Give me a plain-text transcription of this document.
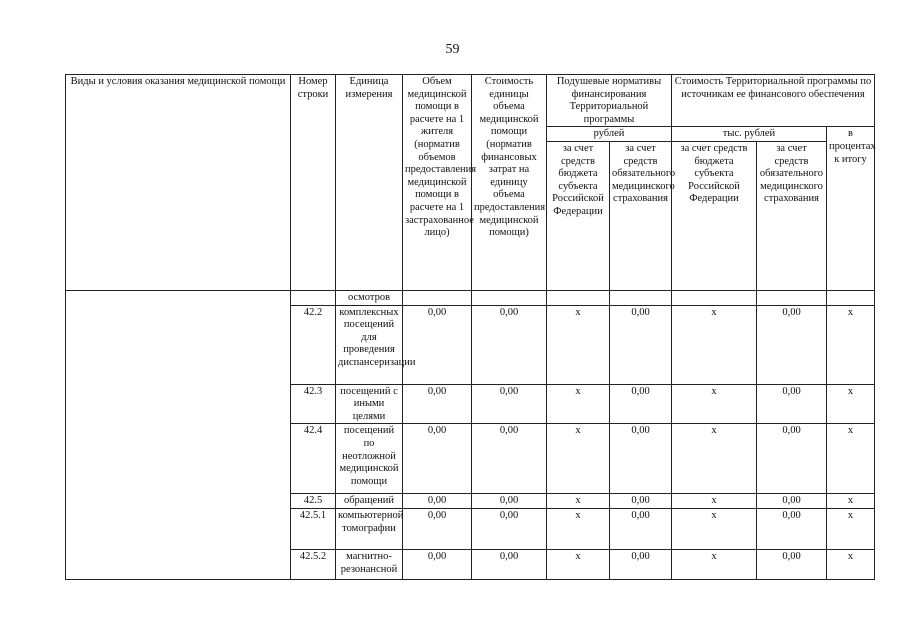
59
Виды и условия оказания медицинской помощи	Номер строки	Единица измерения	Объем медицинской помощи в расчете на 1 жителя (норматив объемов предоставления медицинской помощи в расчете на 1 застрахованное лицо)	Стоимость единицы объема медицинской помощи (норматив финансовых затрат на единицу объема предоставления медицинской помощи)	Подушевые нормативы финансирования Территориальной программы		Стоимость Территориальной программы по источникам ее финансового обеспечения		
					рублей		тыс. рублей		в процентах к итогу
					за счет средств бюджета субъекта Российской Федерации	за счет средств обязательного медицинского страхования	за счет средств бюджета субъекта Российской Федерации	за счет средств обязательного медицинского страхования	
		осмотров							
	42.2	комплексных посещений для проведения диспансеризации	0,00	0,00	x	0,00	x	0,00	x
	42.3	посещений с иными целями	0,00	0,00	x	0,00	x	0,00	x
	42.4	посещений по неотложной медицинской помощи	0,00	0,00	x	0,00	x	0,00	x
	42.5	обращений	0,00	0,00	x	0,00	x	0,00	x
	42.5.1	компьютерной томографии	0,00	0,00	x	0,00	x	0,00	x
	42.5.2	магнитно-резонансной	0,00	0,00	x	0,00	x	0,00	x
